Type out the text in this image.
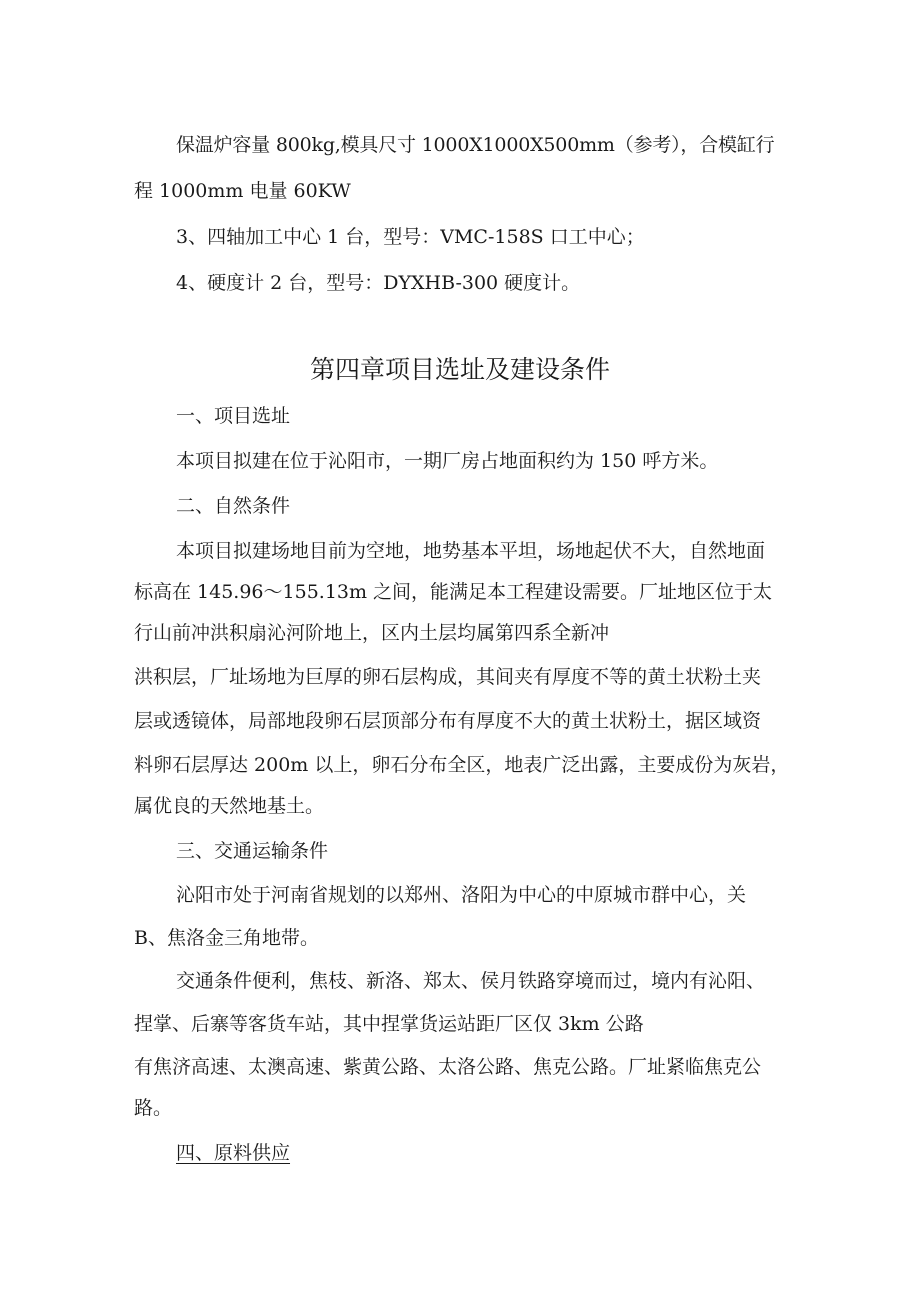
保温炉容量 800kg,模具尺寸 1000X1000X500mm（参考），合模缸行
程 1000mm 电量 60KW
3、四轴加工中心 1 台，型号：VMC-158S 口工中心；
4、硬度计 2 台，型号：DYXHB-300 硬度计。
第四章项目选址及建设条件
一、项目选址
本项目拟建在位于沁阳市，一期厂房占地面积约为 150 呼方米。
二、自然条件
本项目拟建场地目前为空地，地势基本平坦，场地起伏不大，自然地面
标高在 145.96〜155.13m 之间，能满足本工程建设需要。厂址地区位于太
行山前冲洪积扇沁河阶地上，区内土层均属第四系全新冲
洪积层，厂址场地为巨厚的卵石层构成，其间夹有厚度不等的黄土状粉土夹
层或透镜体，局部地段卵石层顶部分布有厚度不大的黄土状粉土，据区域资
料卵石层厚达 200m 以上，卵石分布全区，地表广泛出露，主要成份为灰岩，
属优良的天然地基土。
三、交通运输条件
沁阳市处于河南省规划的以郑州、洛阳为中心的中原城市群中心，关
B、焦洛金三角地带。
交通条件便利，焦枝、新洛、郑太、侯月铁路穿境而过，境内有沁阳、
捏掌、后寨等客货车站，其中捏掌货运站距厂区仅 3km 公路
有焦济高速、太澳高速、紫黄公路、太洛公路、焦克公路。厂址紧临焦克公
路。
四、原料供应
